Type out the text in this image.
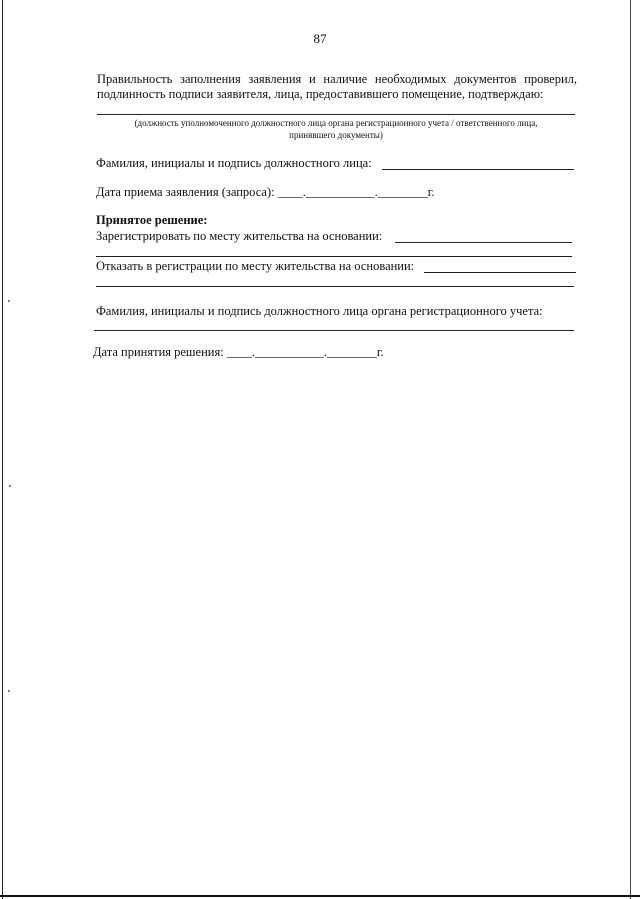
87
Правильность заполнения заявления и наличие необходимых документов проверил,
подлинность подписи заявителя, лица, предоставившего помещение, подтверждаю:
(должность уполномоченного должностного лица органа регистрационного учета / ответственного лица,
принявшего документы)
Фамилия, инициалы и подпись должностного лица:
Дата приема заявления (запроса): ____.___________.________г.
Принятое решение:
Зарегистрировать по месту жительства на основании:
Отказать в регистрации по месту жительства на основании:
Фамилия, инициалы и подпись должностного лица органа регистрационного учета:
Дата принятия решения: ____.___________.________г.
